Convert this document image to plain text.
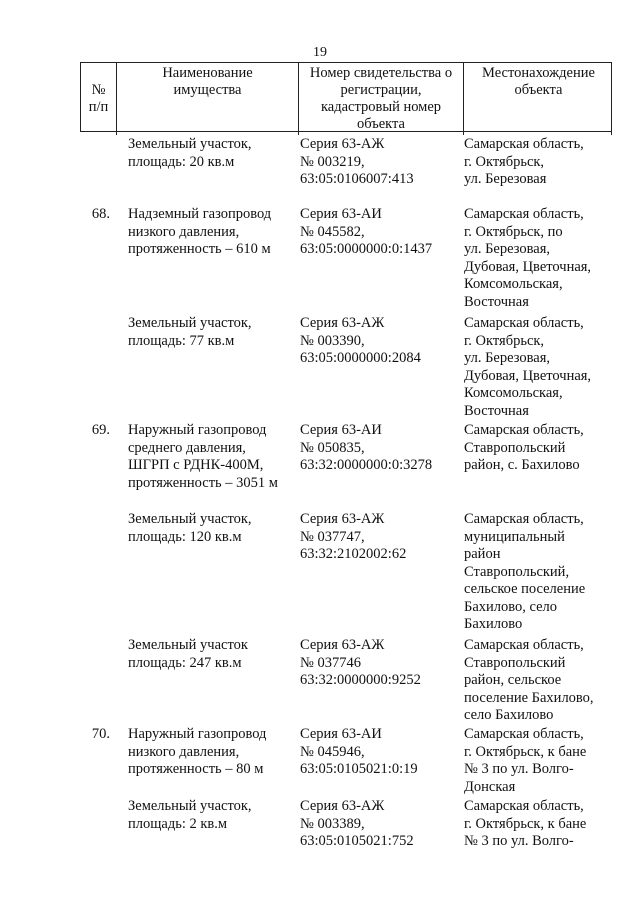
19
№
п/п
Наименование
имущества
Номер свидетельства о
регистрации,
кадастровый номер
объекта
Местонахождение
объекта
Земельный участок,
площадь: 20 кв.м
Серия 63-АЖ
№ 003219,
63:05:0106007:413
Самарская область,
г. Октябрьск,
ул. Березовая
68. Надземный газопровод
низкого давления,
протяженность – 610 м
Серия 63-АИ
№ 045582,
63:05:0000000:0:1437
Самарская область,
г. Октябрьск, по
ул. Березовая,
Дубовая, Цветочная,
Комсомольская,
Восточная
Земельный участок,
площадь: 77 кв.м
Серия 63-АЖ
№ 003390,
63:05:0000000:2084
Самарская область,
г. Октябрьск,
ул. Березовая,
Дубовая, Цветочная,
Комсомольская,
Восточная
69. Наружный газопровод
среднего давления,
ШГРП с РДНК-400М,
протяженность – 3051 м
Серия 63-АИ
№ 050835,
63:32:0000000:0:3278
Самарская область,
Ставропольский
район, с. Бахилово
Земельный участок,
площадь: 120 кв.м
Серия 63-АЖ
№ 037747,
63:32:2102002:62
Самарская область,
муниципальный
район
Ставропольский,
сельское поселение
Бахилово, село
Бахилово
Земельный участок
площадь: 247 кв.м
Серия 63-АЖ
№ 037746
63:32:0000000:9252
Самарская область,
Ставропольский
район, сельское
поселение Бахилово,
село Бахилово
70. Наружный газопровод
низкого давления,
протяженность – 80 м
Серия 63-АИ
№ 045946,
63:05:0105021:0:19
Самарская область,
г. Октябрьск, к бане
№ 3 по ул. Волго-
Донская
Земельный участок,
площадь: 2 кв.м
Серия 63-АЖ
№ 003389,
63:05:0105021:752
Самарская область,
г. Октябрьск, к бане
№ 3 по ул. Волго-
